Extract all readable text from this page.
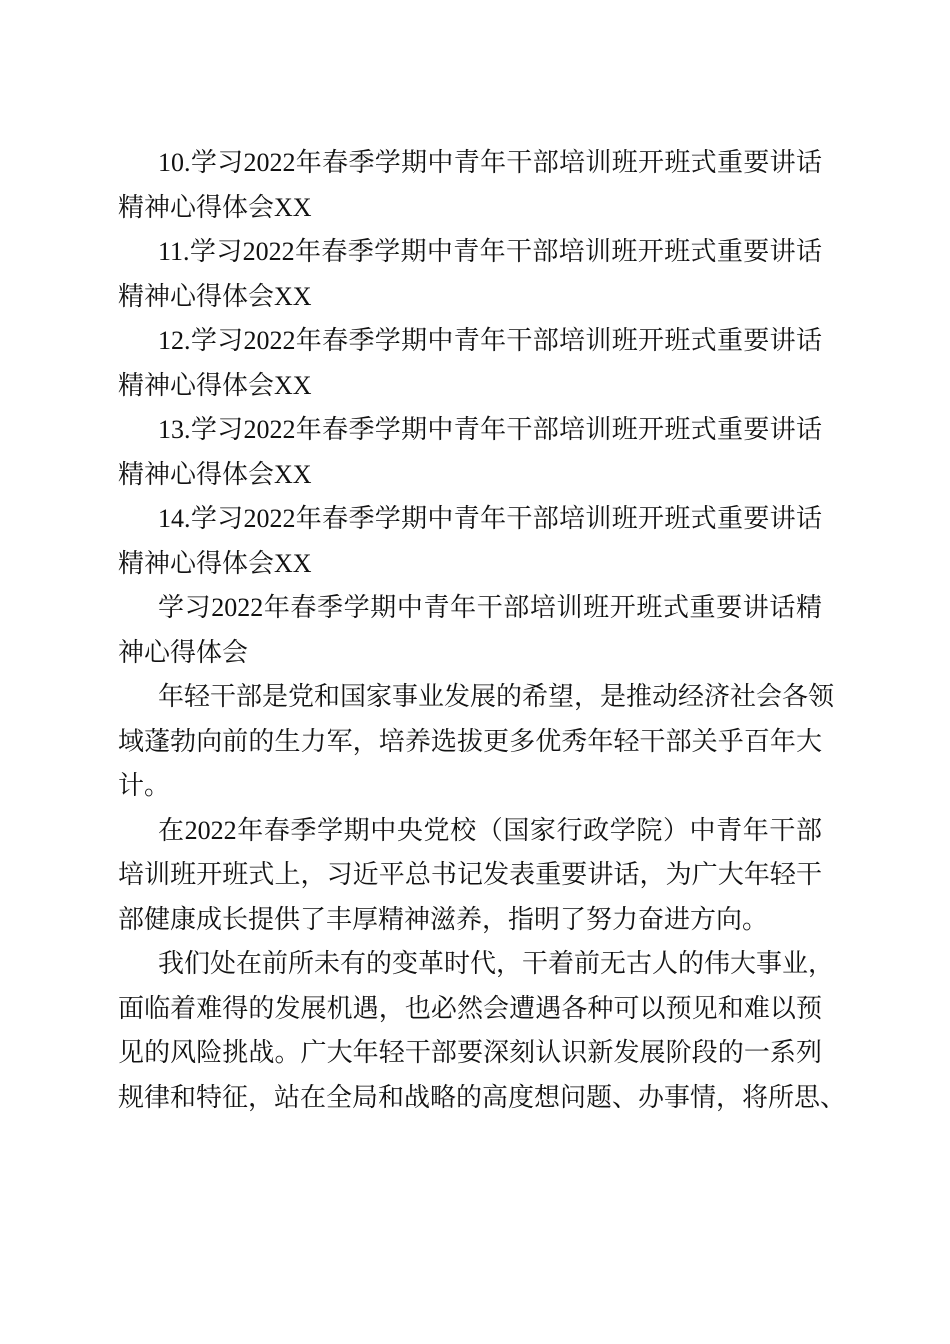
10.学习2022年春季学期中青年干部培训班开班式重要讲话
精神心得体会XX
11.学习2022年春季学期中青年干部培训班开班式重要讲话
精神心得体会XX
12.学习2022年春季学期中青年干部培训班开班式重要讲话
精神心得体会XX
13.学习2022年春季学期中青年干部培训班开班式重要讲话
精神心得体会XX
14.学习2022年春季学期中青年干部培训班开班式重要讲话
精神心得体会XX
学习2022年春季学期中青年干部培训班开班式重要讲话精
神心得体会
年轻干部是党和国家事业发展的希望，是推动经济社会各领
域蓬勃向前的生力军，培养选拔更多优秀年轻干部关乎百年大
计。
在2022年春季学期中央党校（国家行政学院）中青年干部
培训班开班式上，习近平总书记发表重要讲话，为广大年轻干
部健康成长提供了丰厚精神滋养，指明了努力奋进方向。
我们处在前所未有的变革时代，干着前无古人的伟大事业，
面临着难得的发展机遇，也必然会遭遇各种可以预见和难以预
见的风险挑战。广大年轻干部要深刻认识新发展阶段的一系列
规律和特征，站在全局和战略的高度想问题、办事情，将所思、
